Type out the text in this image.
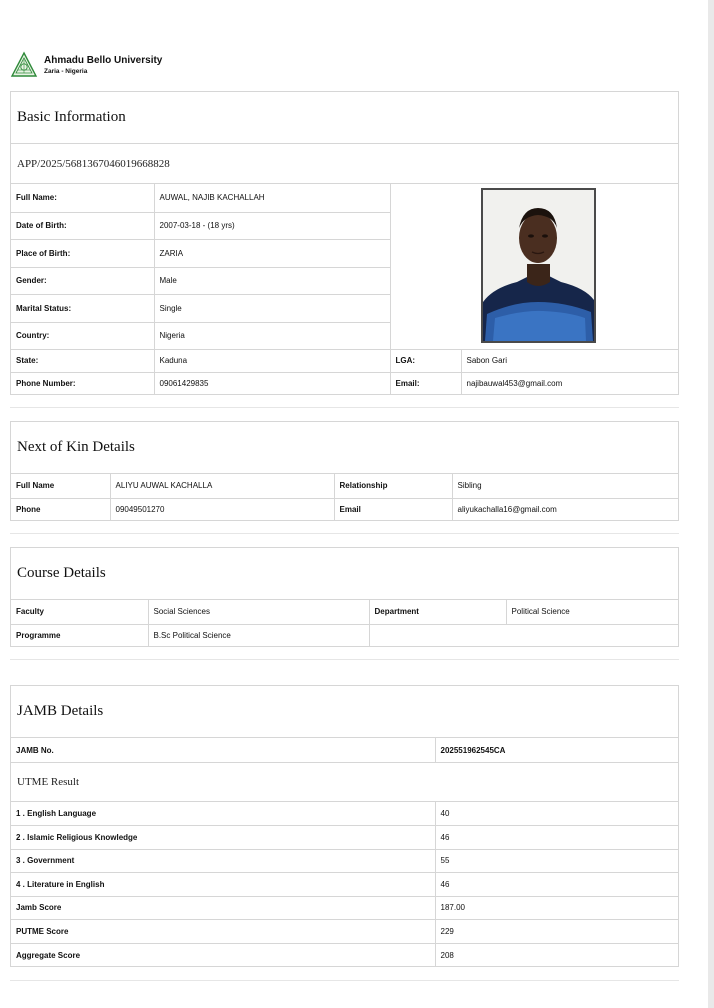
Ahmadu Bello University
Zaria - Nigeria
Basic Information
APP/2025/5681367046019668828
Full Name:	AUWAL, NAJIB KACHALLAH	

Date of Birth:	2007-03-18 - (18 yrs)		
Place of Birth:	ZARIA		
Gender:	Male		
Marital Status:	Single		
Country:	Nigeria		
State:	Kaduna	LGA:	Sabon Gari
Phone Number:	09061429835	Email:	najibauwal453@gmail.com
Next of Kin Details
Full Name	ALIYU AUWAL KACHALLA	Relationship	Sibling
Phone	09049501270	Email	aliyukachalla16@gmail.com
Course Details
Faculty	Social Sciences	Department	Political Science
Programme	B.Sc Political Science		
JAMB Details
JAMB No.	202551962545CA
UTME Result
1 . English Language	40
2 . Islamic Religious Knowledge	46
3 . Government	55
4 . Literature in English	46
Jamb Score	187.00
PUTME Score	229
Aggregate Score	208
